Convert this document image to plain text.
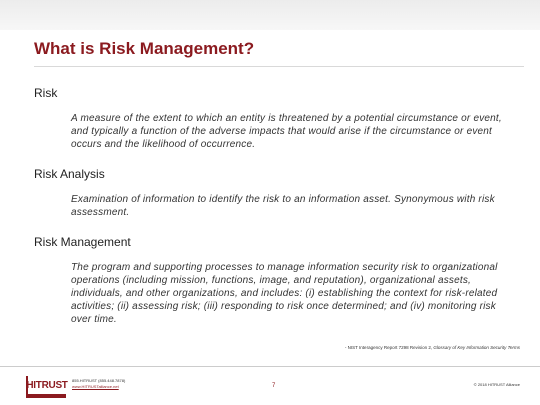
What is Risk Management?
Risk

A measure of the extent to which an entity is threatened by a potential circumstance or event, and typically a function of the adverse impacts that would arise if the circumstance or event occurs and the likelihood of occurrence.

Risk Analysis

Examination of information to identify the risk to an information asset. Synonymous with risk assessment.

Risk Management

The program and supporting processes to manage information security risk to organizational operations (including mission, functions, image, and reputation), organizational assets, individuals, and other organizations, and includes: (i) establishing the context for risk-related activities; (ii) assessing risk; (iii) responding to risk once determined; and (iv) monitoring risk over time.

- NIST Interagency Report 7298 Revision 2, Glossary of Key Information Security Terms
HITRUST 855.HITRUST (855.448.7878)
www.HITRUSTalliance.net	7	© 2018 HITRUST Alliance
